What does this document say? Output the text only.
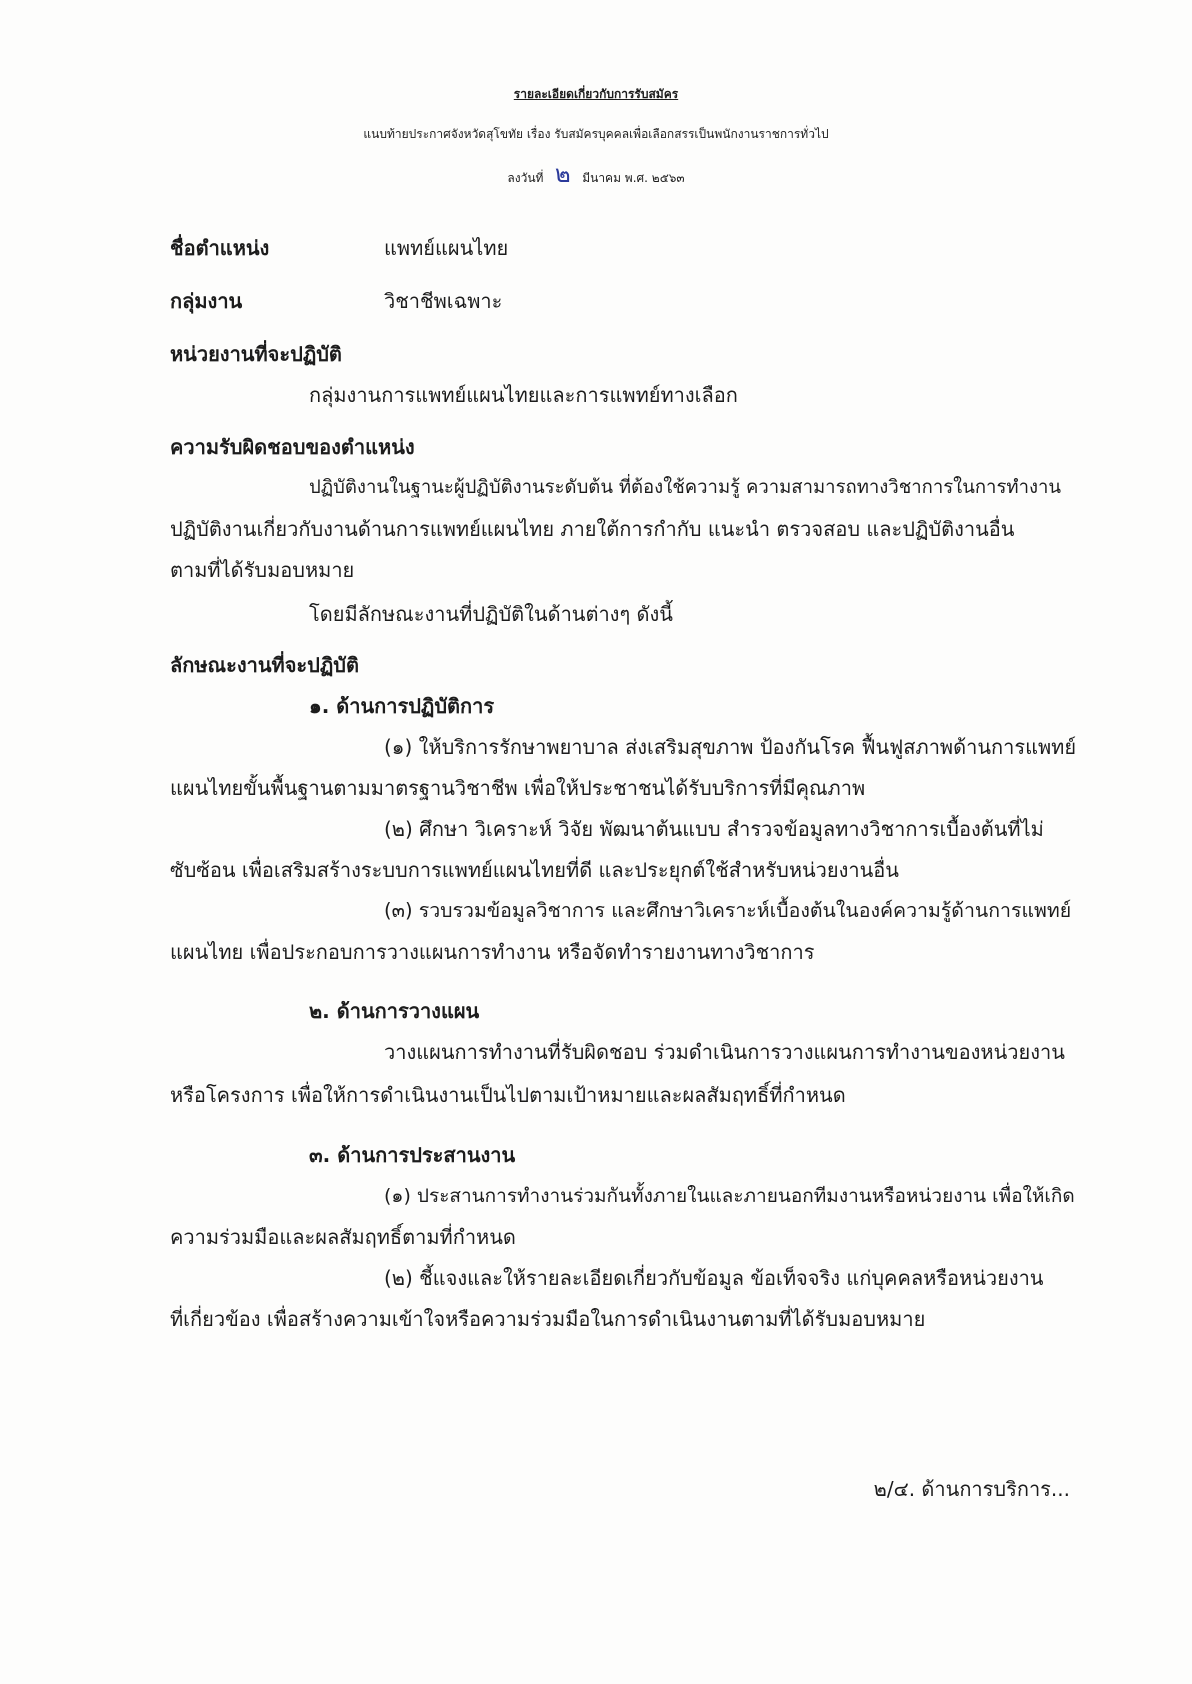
รายละเอียดเกี่ยวกับการรับสมัคร
แนบท้ายประกาศจังหวัดสุโขทัย เรื่อง รับสมัครบุคคลเพื่อเลือกสรรเป็นพนักงานราชการทั่วไป
ลงวันที่ ๒ มีนาคม พ.ศ. ๒๕๖๓
ชื่อตำแหน่ง	แพทย์แผนไทย
กลุ่มงาน	วิชาชีพเฉพาะ
หน่วยงานที่จะปฏิบัติ
กลุ่มงานการแพทย์แผนไทยและการแพทย์ทางเลือก
ความรับผิดชอบของตำแหน่ง
ปฏิบัติงานในฐานะผู้ปฏิบัติงานระดับต้น ที่ต้องใช้ความรู้ ความสามารถทางวิชาการในการทำงาน
ปฏิบัติงานเกี่ยวกับงานด้านการแพทย์แผนไทย ภายใต้การกำกับ แนะนำ ตรวจสอบ และปฏิบัติงานอื่น
ตามที่ได้รับมอบหมาย
โดยมีลักษณะงานที่ปฏิบัติในด้านต่างๆ ดังนี้
ลักษณะงานที่จะปฏิบัติ
๑. ด้านการปฏิบัติการ
(๑) ให้บริการรักษาพยาบาล ส่งเสริมสุขภาพ ป้องกันโรค ฟื้นฟูสภาพด้านการแพทย์
แผนไทยขั้นพื้นฐานตามมาตรฐานวิชาชีพ เพื่อให้ประชาชนได้รับบริการที่มีคุณภาพ
(๒) ศึกษา วิเคราะห์ วิจัย พัฒนาต้นแบบ สำรวจข้อมูลทางวิชาการเบื้องต้นที่ไม่
ซับซ้อน เพื่อเสริมสร้างระบบการแพทย์แผนไทยที่ดี และประยุกต์ใช้สำหรับหน่วยงานอื่น
(๓) รวบรวมข้อมูลวิชาการ และศึกษาวิเคราะห์เบื้องต้นในองค์ความรู้ด้านการแพทย์
แผนไทย เพื่อประกอบการวางแผนการทำงาน หรือจัดทำรายงานทางวิชาการ
๒. ด้านการวางแผน
วางแผนการทำงานที่รับผิดชอบ ร่วมดำเนินการวางแผนการทำงานของหน่วยงาน
หรือโครงการ เพื่อให้การดำเนินงานเป็นไปตามเป้าหมายและผลสัมฤทธิ์ที่กำหนด
๓. ด้านการประสานงาน
(๑) ประสานการทำงานร่วมกันทั้งภายในและภายนอกทีมงานหรือหน่วยงาน เพื่อให้เกิด
ความร่วมมือและผลสัมฤทธิ์ตามที่กำหนด
(๒) ชี้แจงและให้รายละเอียดเกี่ยวกับข้อมูล ข้อเท็จจริง แก่บุคคลหรือหน่วยงาน
ที่เกี่ยวข้อง เพื่อสร้างความเข้าใจหรือความร่วมมือในการดำเนินงานตามที่ได้รับมอบหมาย
๒/๔. ด้านการบริการ...
